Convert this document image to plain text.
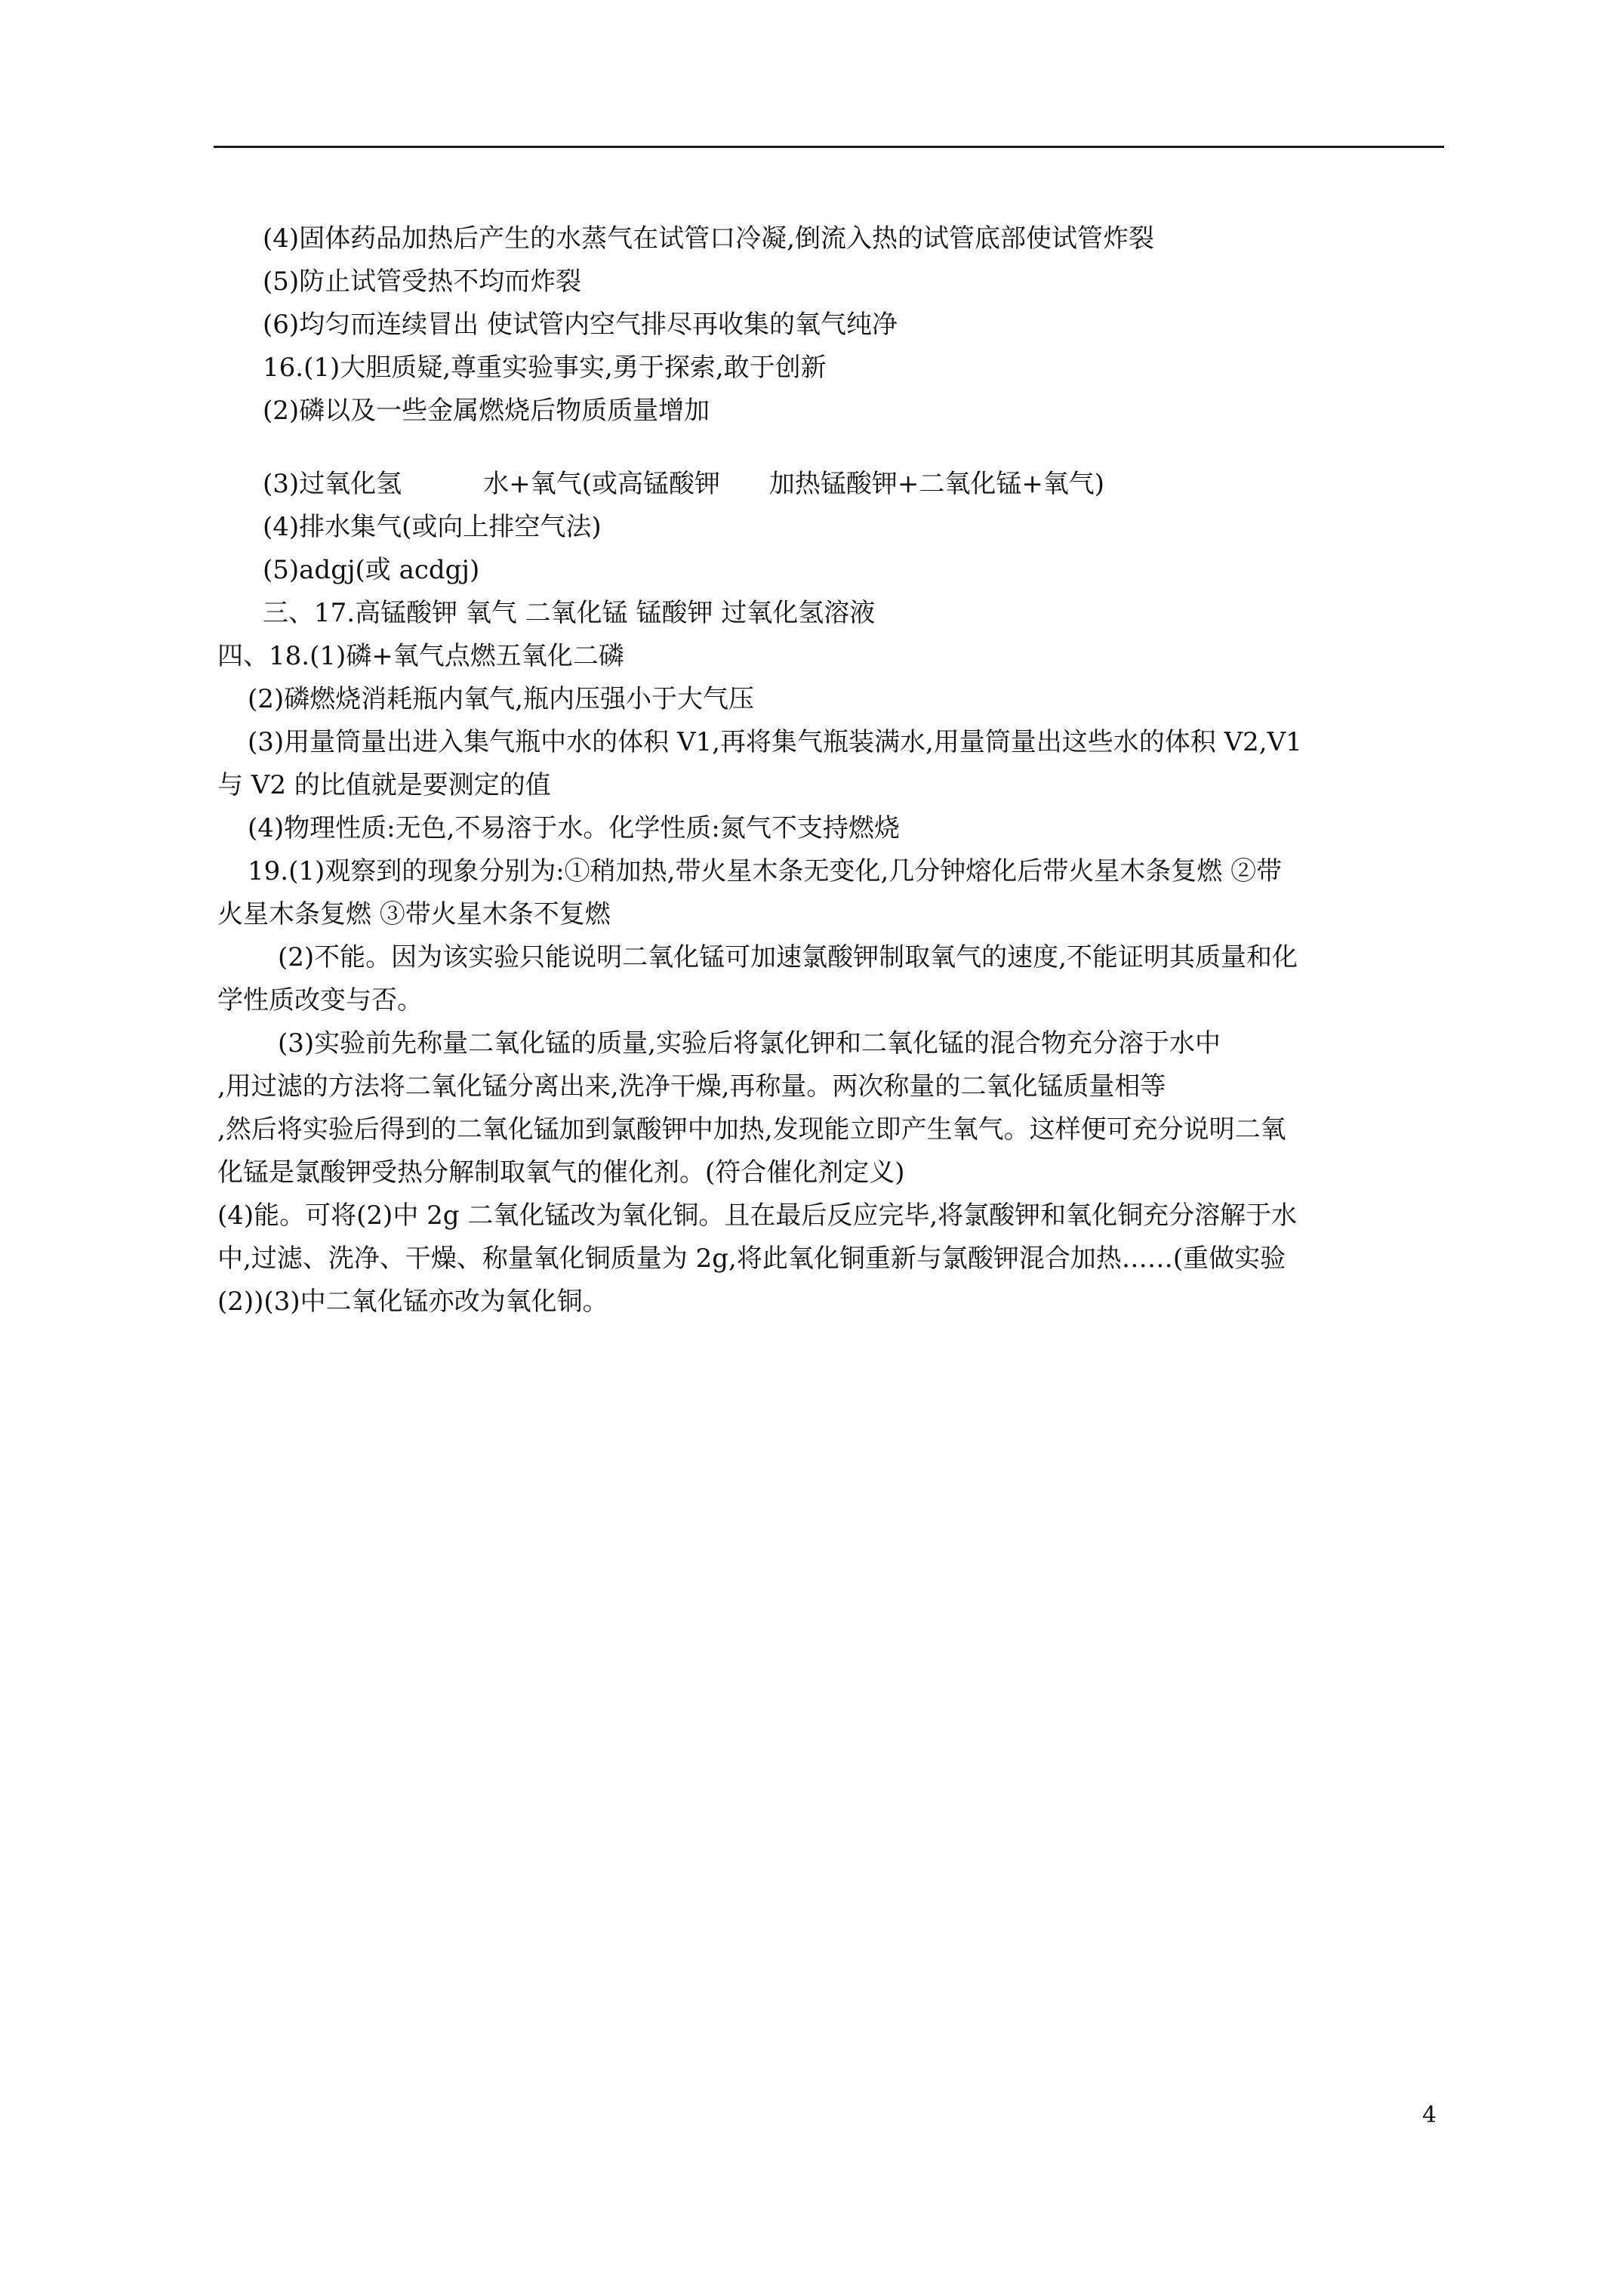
(4)固体药品加热后产生的水蒸气在试管口冷凝,倒流入热的试管底部使试管炸裂
(5)防止试管受热不均而炸裂
(6)均匀而连续冒出 使试管内空气排尽再收集的氧气纯净
16.(1)大胆质疑,尊重实验事实,勇于探索,敢于创新
(2)磷以及一些金属燃烧后物质质量增加
(3)过氧化氢          水+氧气(或高锰酸钾      加热锰酸钾+二氧化锰+氧气)
(4)排水集气(或向上排空气法)
(5)adgj(或 acdgj)
三、17.高锰酸钾 氧气 二氧化锰 锰酸钾 过氧化氢溶液
四、18.(1)磷+氧气点燃五氧化二磷
(2)磷燃烧消耗瓶内氧气,瓶内压强小于大气压
(3)用量筒量出进入集气瓶中水的体积 V1,再将集气瓶装满水,用量筒量出这些水的体积 V2,V1
与 V2 的比值就是要测定的值
(4)物理性质:无色,不易溶于水。化学性质:氮气不支持燃烧
19.(1)观察到的现象分别为:①稍加热,带火星木条无变化,几分钟熔化后带火星木条复燃 ②带
火星木条复燃 ③带火星木条不复燃
(2)不能。因为该实验只能说明二氧化锰可加速氯酸钾制取氧气的速度,不能证明其质量和化
学性质改变与否。
(3)实验前先称量二氧化锰的质量,实验后将氯化钾和二氧化锰的混合物充分溶于水中
,用过滤的方法将二氧化锰分离出来,洗净干燥,再称量。两次称量的二氧化锰质量相等
,然后将实验后得到的二氧化锰加到氯酸钾中加热,发现能立即产生氧气。这样便可充分说明二氧
化锰是氯酸钾受热分解制取氧气的催化剂。(符合催化剂定义)
(4)能。可将(2)中 2g 二氧化锰改为氧化铜。且在最后反应完毕,将氯酸钾和氧化铜充分溶解于水
中,过滤、洗净、干燥、称量氧化铜质量为 2g,将此氧化铜重新与氯酸钾混合加热……(重做实验
(2))(3)中二氧化锰亦改为氧化铜。
4
